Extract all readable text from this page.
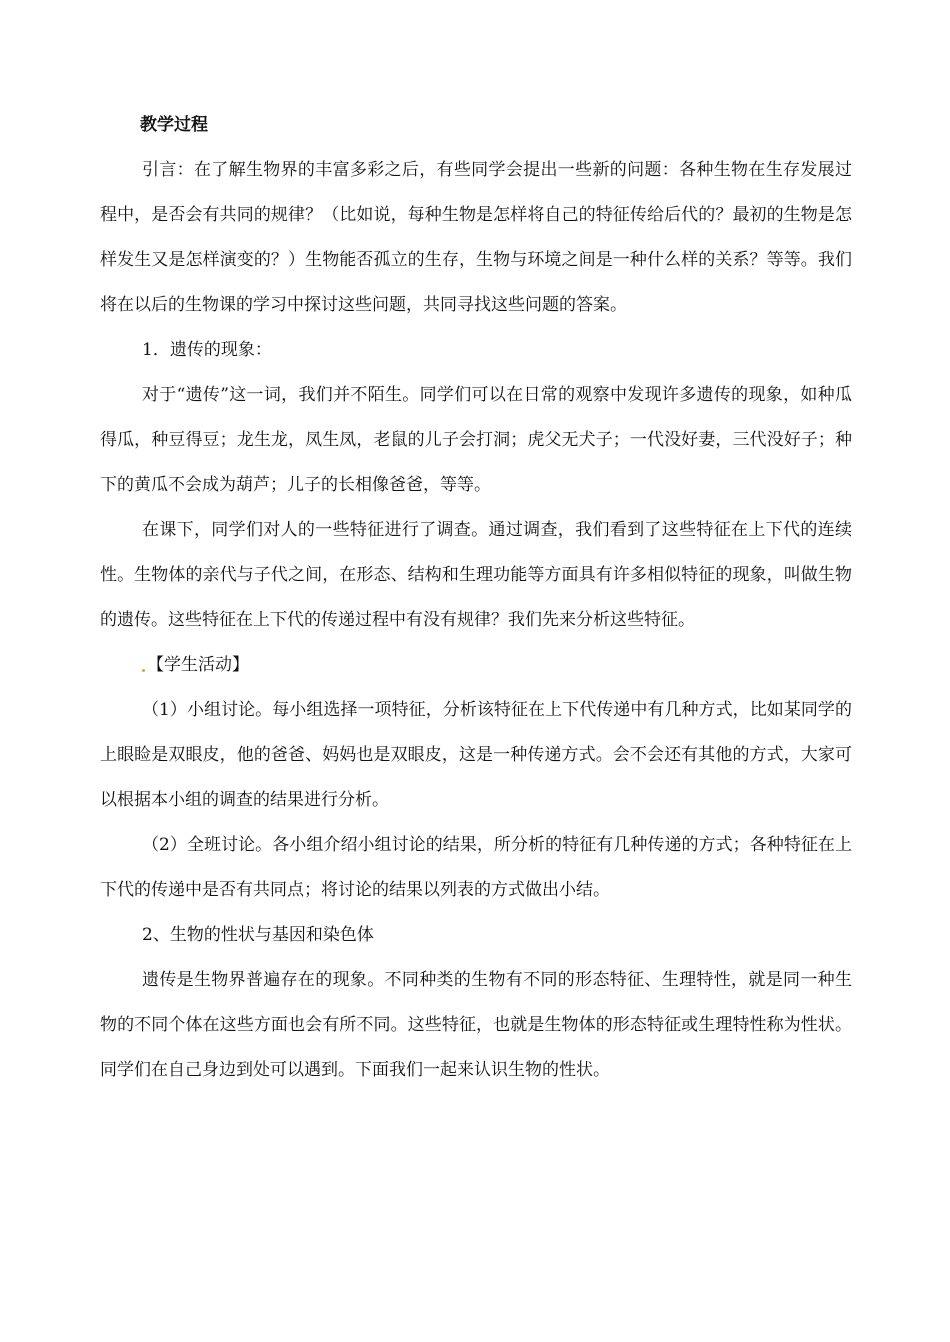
教学过程

引言：在了解生物界的丰富多彩之后，有些同学会提出一些新的问题：各种生物在生存发展过程中，是否会有共同的规律？（比如说，每种生物是怎样将自己的特征传给后代的？最初的生物是怎样发生又是怎样演变的？）生物能否孤立的生存，生物与环境之间是一种什么样的关系？等等。我们将在以后的生物课的学习中探讨这些问题，共同寻找这些问题的答案。

1．遗传的现象：

对于“遗传”这一词，我们并不陌生。同学们可以在日常的观察中发现许多遗传的现象，如种瓜得瓜，种豆得豆；龙生龙，凤生凤，老鼠的儿子会打洞；虎父无犬子；一代没好妻，三代没好子；种下的黄瓜不会成为葫芦；儿子的长相像爸爸，等等。

在课下，同学们对人的一些特征进行了调查。通过调查，我们看到了这些特征在上下代的连续性。生物体的亲代与子代之间，在形态、结构和生理功能等方面具有许多相似特征的现象，叫做生物的遗传。这些特征在上下代的传递过程中有没有规律？我们先来分析这些特征。

【学生活动】

（1）小组讨论。每小组选择一项特征，分析该特征在上下代传递中有几种方式，比如某同学的上眼睑是双眼皮，他的爸爸、妈妈也是双眼皮，这是一种传递方式。会不会还有其他的方式，大家可以根据本小组的调查的结果进行分析。

（2）全班讨论。各小组介绍小组讨论的结果，所分析的特征有几种传递的方式；各种特征在上下代的传递中是否有共同点；将讨论的结果以列表的方式做出小结。

2、生物的性状与基因和染色体

遗传是生物界普遍存在的现象。不同种类的生物有不同的形态特征、生理特性，就是同一种生物的不同个体在这些方面也会有所不同。这些特征，也就是生物体的形态特征或生理特性称为性状。同学们在自己身边到处可以遇到。下面我们一起来认识生物的性状。
